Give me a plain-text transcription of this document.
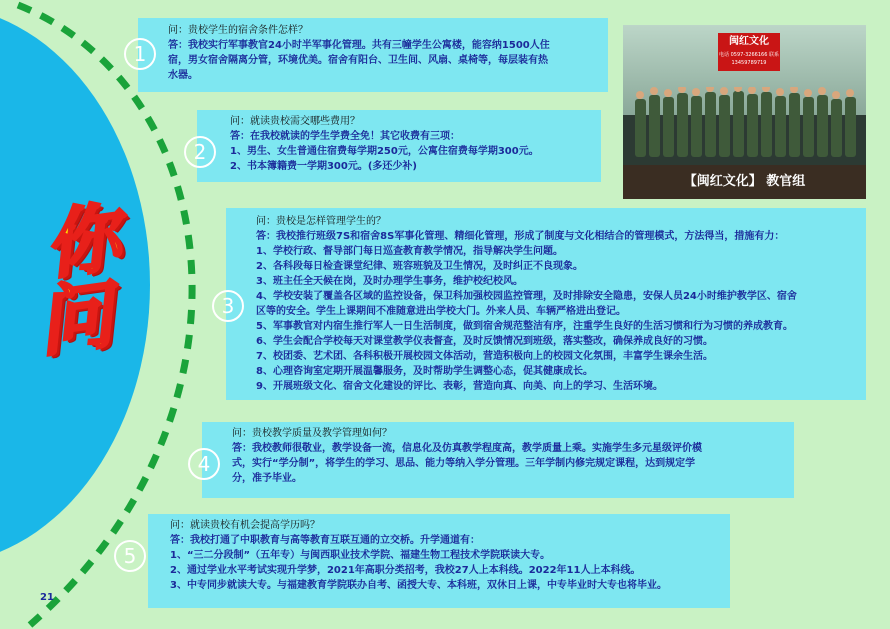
你
问
问：贵校学生的宿舍条件怎样？
答：我校实行军事教官24小时半军事化管理。共有三幢学生公寓楼，能容纳1500人住
宿，男女宿舍隔离分管，环境优美。宿舍有阳台、卫生间、风扇、桌椅等，每层装有热
水器。
1
问：就读贵校需交哪些费用？
答：在我校就读的学生学费全免！其它收费有三项：
1、男生、女生普通住宿费每学期250元，公寓住宿费每学期300元。
2、书本簿籍费一学期300元。(多还少补)
2
闽红文化
电话 0597-3266166 联系 13459789719
【闽红文化】 教官组
问：贵校是怎样管理学生的？
答：我校推行班级7S和宿舍8S军事化管理、精细化管理，形成了制度与文化相结合的管理模式，方法得当，措施有力：
1、学校行政、督导部门每日巡查教育教学情况，指导解决学生问题。
2、各科段每日检查课堂纪律、班容班貌及卫生情况，及时纠正不良现象。
3、班主任全天候在岗，及时办理学生事务，维护校纪校风。
4、学校安装了覆盖各区域的监控设备，保卫科加强校园监控管理，及时排除安全隐患，安保人员24小时维护教学区、宿舍
区等的安全。学生上课期间不准随意进出学校大门。外来人员、车辆严格进出登记。
5、军事教官对内宿生推行军人一日生活制度，做到宿舍规范整洁有序，注重学生良好的生活习惯和行为习惯的养成教育。
6、学生会配合学校每天对课堂教学仪表督查，及时反馈情况到班级，落实整改，确保养成良好的习惯。
7、校团委、艺术团、各科积极开展校园文体活动，营造积极向上的校园文化氛围，丰富学生课余生活。
8、心理咨询室定期开展温馨服务，及时帮助学生调整心态，促其健康成长。
9、开展班级文化、宿舍文化建设的评比、表彰，营造向真、向美、向上的学习、生活环境。
3
问：贵校教学质量及教学管理如何？
答：我校教师很敬业，教学设备一流，信息化及仿真教学程度高，教学质量上乘。实施学生多元星级评价模
式，实行“学分制”，将学生的学习、思品、能力等纳入学分管理。三年学制内修完规定课程，达到规定学
分，准予毕业。
4
问：就读贵校有机会提高学历吗？
答：我校打通了中职教育与高等教育互联互通的立交桥。升学通道有：
1、“三二分段制”（五年专）与闽西职业技术学院、福建生物工程技术学院联读大专。
2、通过学业水平考试实现升学梦，2021年高职分类招考，我校27人上本科线。2022年11人上本科线。
3、中专同步就读大专。与福建教育学院联办自考、函授大专、本科班，双休日上课，中专毕业时大专也将毕业。
5
21
